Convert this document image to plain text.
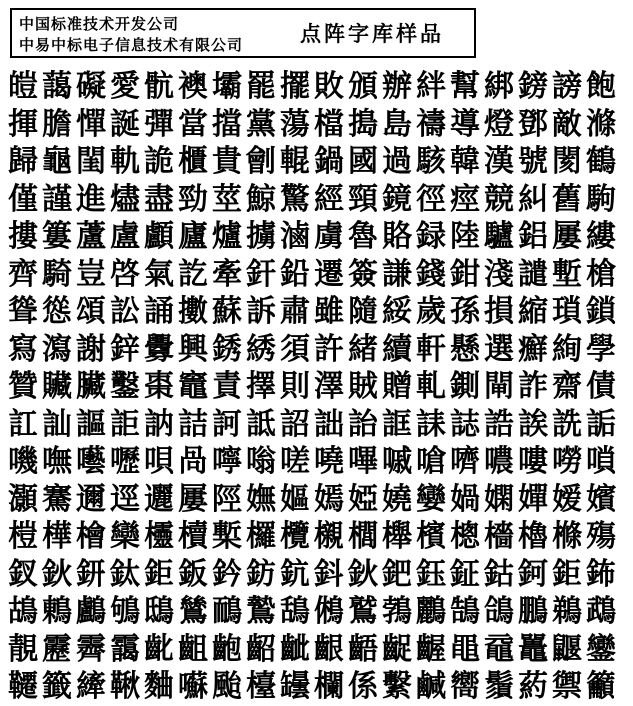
中国标准技术开发公司
中易中标电子信息技术有限公司	点阵字库样品
皚藹礙愛骯襖壩罷擺敗頒辦絆幫綁鎊謗飽
揮膽憚誕彈當擋黨蕩檔搗島禱導燈鄧敵滌
歸龜閨軌詭櫃貴劊輥鍋國過駭韓漢號閡鶴
僅謹進燼盡勁莖鯨驚經頸鏡徑痙競糾舊駒
摟簍蘆盧顱廬爐擄滷虜魯賂録陸驢鋁屢縷
齊騎豈啓氣訖牽釬鉛遷簽謙錢鉗淺譴塹槍
聳慫頌訟誦擻蘇訴肅雖隨綏歲孫損縮瑣鎖
寫瀉謝鋅釁興銹綉須許緒續軒懸選癬絢學
贊贜臟鑿棗竈責擇則澤賊贈軋鍘閘詐齋債
訌訕謳詎訥詰訶詆詔詘詒誆誄誌誥誒詵詬
嘰嘸囈嚦唄咼嚀嗡嗟嘵嗶嘁嗆嚌噥嘍嘮嗩
灝騫邇逕邐屢陘嫵嫗嫣婭嬈孌媧嫻嬋嫒嬪
榿樺檜欒欞櫝槧欏欖櫬櫚櫸檳樬檣櫓樤殤
釵鈥鈃鈦鉅鈑鈐鈁鈧鈄鈥鈀鈺鉦鈷鈳鉅鈽
鴣鶇鸕鴝鴟鷥鴯鷙鴰鵂鷲鵓鸝鵠鴿鵬鵜鵡
靚靂霽靄齔齟齙齠齜齦齬齪齷黽黿鼉鼴鑾
韆籤縴鞦麯囌颱檯罎欄係繫鹹嚮鬚葯禦籲
